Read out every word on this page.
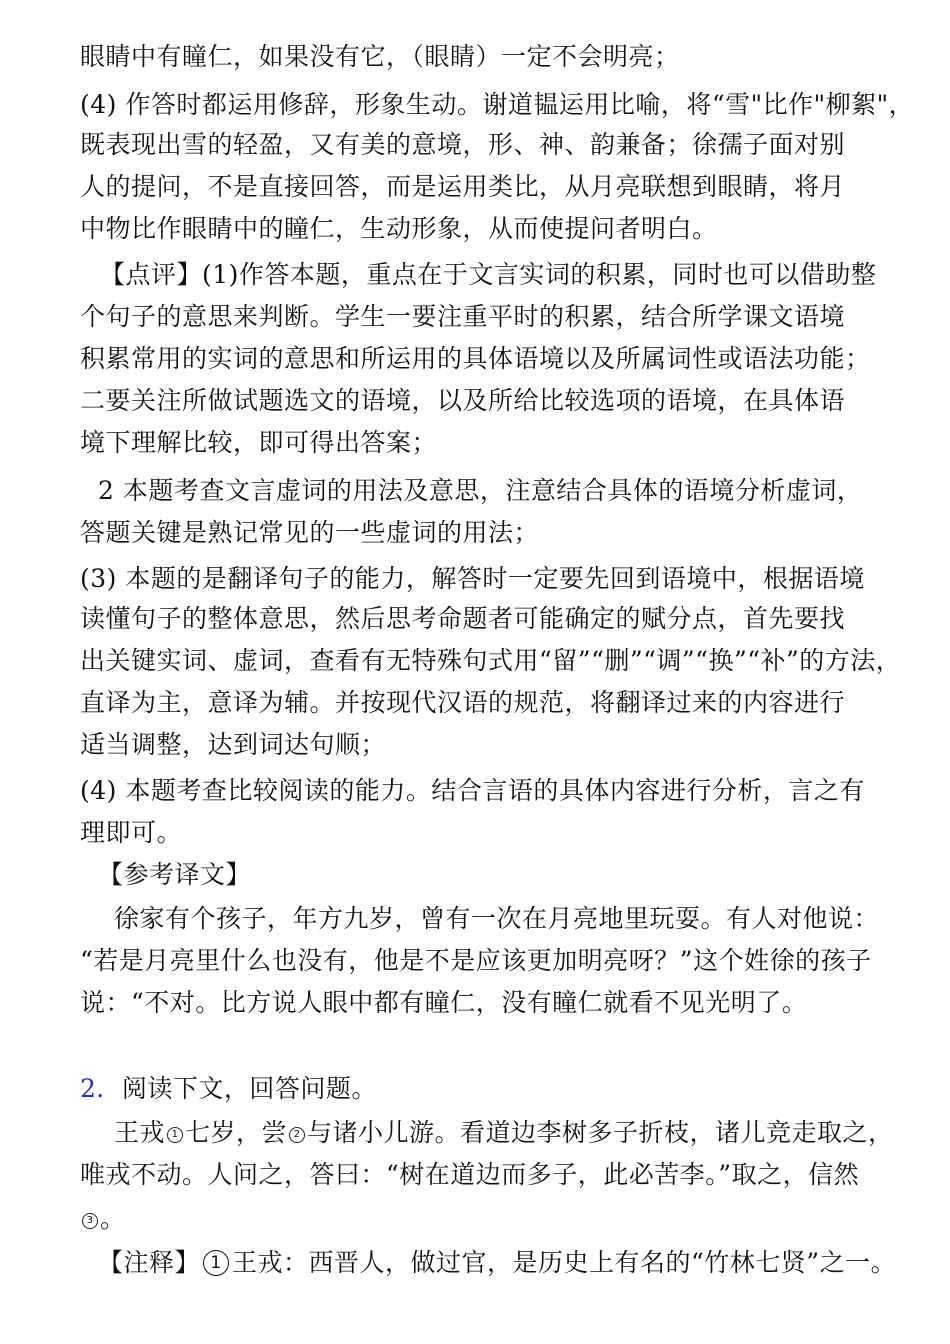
眼睛中有瞳仁，如果没有它，（眼睛）一定不会明亮；
(4) 作答时都运用修辞，形象生动。谢道韫运用比喻，将“雪"比作"柳絮"，
既表现出雪的轻盈，又有美的意境，形、神、韵兼备；徐孺子面对别
人的提问，不是直接回答，而是运用类比，从月亮联想到眼睛，将月
中物比作眼睛中的瞳仁，生动形象，从而使提问者明白。
【点评】(1)作答本题，重点在于文言实词的积累，同时也可以借助整
个句子的意思来判断。学生一要注重平时的积累，结合所学课文语境
积累常用的实词的意思和所运用的具体语境以及所属词性或语法功能；
二要关注所做试题选文的语境，以及所给比较选项的语境，在具体语
境下理解比较，即可得出答案；
2 本题考查文言虚词的用法及意思，注意结合具体的语境分析虚词，
答题关键是熟记常见的一些虚词的用法；
(3) 本题的是翻译句子的能力，解答时一定要先回到语境中，根据语境
读懂句子的整体意思，然后思考命题者可能确定的赋分点，首先要找
出关键实词、虚词，查看有无特殊句式用“留”“删”“调”“换”“补”的方法，
直译为主，意译为辅。并按现代汉语的规范，将翻译过来的内容进行
适当调整，达到词达句顺；
(4) 本题考查比较阅读的能力。结合言语的具体内容进行分析，言之有
理即可。
【参考译文】
徐家有个孩子，年方九岁，曾有一次在月亮地里玩耍。有人对他说：
“若是月亮里什么也没有，他是不是应该更加明亮呀？”这个姓徐的孩子
说：“不对。比方说人眼中都有瞳仁，没有瞳仁就看不见光明了。
2．阅读下文，回答问题。
王戎 1 七岁，尝 2 与诸小儿游。看道边李树多子折枝，诸儿竞走取之，
唯戎不动。人问之，答曰：“树在道边而多子，此必苦李。”取之，信然
3 。
【注释】 1 王戎：西晋人，做过官，是历史上有名的“竹林七贤”之一。
